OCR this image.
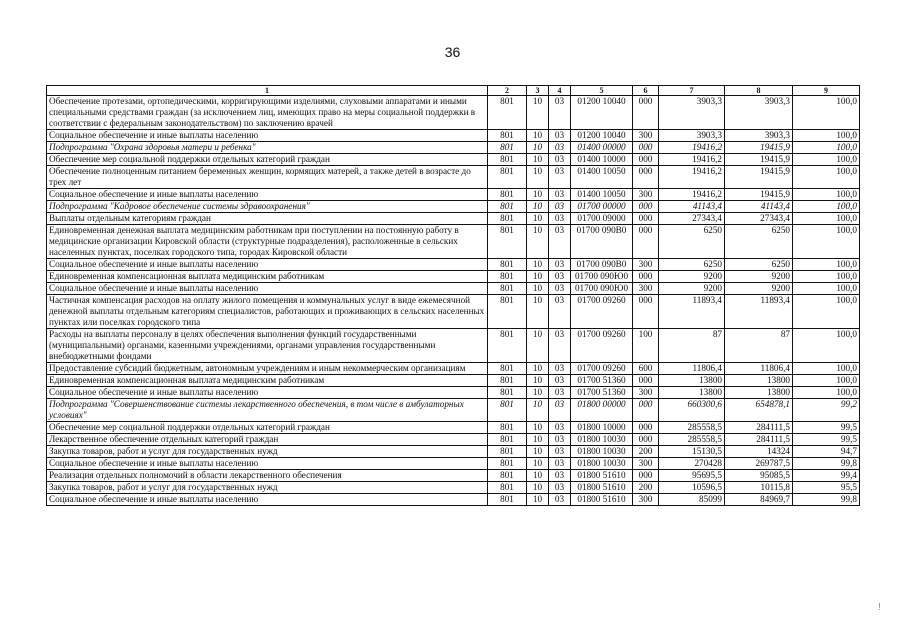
36
1	2	3	4	5	6	7	8	9
Обеспечение протезами, ортопедическими, корригирующими изделиями, слуховыми аппаратами и иными специальными средствами граждан (за исключением лиц, имеющих право на меры социальной поддержки в соответствии с федеральным законодательством) по заключению врачей	801	10	03	01200 10040	000	3903,3	3903,3	100,0
Социальное обеспечение и иные выплаты населению	801	10	03	01200 10040	300	3903,3	3903,3	100,0
Подпрограмма "Охрана здоровья матери и ребенка"	801	10	03	01400 00000	000	19416,2	19415,9	100,0
Обеспечение мер социальной поддержки отдельных категорий граждан	801	10	03	01400 10000	000	19416,2	19415,9	100,0
Обеспечение полноценным питанием беременных женщин, кормящих матерей, а также детей в возрасте до трех лет	801	10	03	01400 10050	000	19416,2	19415,9	100,0
Социальное обеспечение и иные выплаты населению	801	10	03	01400 10050	300	19416,2	19415,9	100,0
Подпрограмма "Кадровое обеспечение системы здравоохранения"	801	10	03	01700 00000	000	41143,4	41143,4	100,0
Выплаты отдельным категориям граждан	801	10	03	01700 09000	000	27343,4	27343,4	100,0
Единовременная денежная выплата медицинским работникам при поступлении на постоянную работу в медицинские организации Кировской области (структурные подразделения), расположенные в сельских населенных пунктах, поселках городского типа, городах Кировской области	801	10	03	01700 090В0	000	6250	6250	100,0
Социальное обеспечение и иные выплаты населению	801	10	03	01700 090В0	300	6250	6250	100,0
Единовременная компенсационная выплата медицинским работникам	801	10	03	01700 090Ю0	000	9200	9200	100,0
Социальное обеспечение и иные выплаты населению	801	10	03	01700 090Ю0	300	9200	9200	100,0
Частичная компенсация расходов на оплату жилого помещения и коммунальных услуг в виде ежемесячной денежной выплаты отдельным категориям специалистов, работающих и проживающих в сельских населенных пунктах или поселках городского типа	801	10	03	01700 09260	000	11893,4	11893,4	100,0
Расходы на выплаты персоналу в целях обеспечения выполнения функций государственными (муниципальными) органами, казенными учреждениями, органами управления государственными внебюджетными фондами	801	10	03	01700 09260	100	87	87	100,0
Предоставление субсидий бюджетным, автономным учреждениям и иным некоммерческим организациям	801	10	03	01700 09260	600	11806,4	11806,4	100,0
Единовременная компенсационная выплата медицинским работникам	801	10	03	01700 51360	000	13800	13800	100,0
Социальное обеспечение и иные выплаты населению	801	10	03	01700 51360	300	13800	13800	100,0
Подпрограмма "Совершенствование системы лекарственного обеспечения, в том числе в амбулаторных условиях"	801	10	03	01800 00000	000	660300,6	654878,1	99,2
Обеспечение мер социальной поддержки отдельных категорий граждан	801	10	03	01800 10000	000	285558,5	284111,5	99,5
Лекарственное обеспечение отдельных категорий граждан	801	10	03	01800 10030	000	285558,5	284111,5	99,5
Закупка товаров, работ и услуг для государственных нужд	801	10	03	01800 10030	200	15130,5	14324	94,7
Социальное обеспечение и иные выплаты населению	801	10	03	01800 10030	300	270428	269787,5	99,8
Реализация отдельных полномочий в области лекарственного обеспечения	801	10	03	01800 51610	000	95695,5	95085,5	99,4
Закупка товаров, работ и услуг для государственных нужд	801	10	03	01800 51610	200	10596,5	10115,8	95,5
Социальное обеспечение и иные выплаты населению	801	10	03	01800 51610	300	85099	84969,7	99,8
!
